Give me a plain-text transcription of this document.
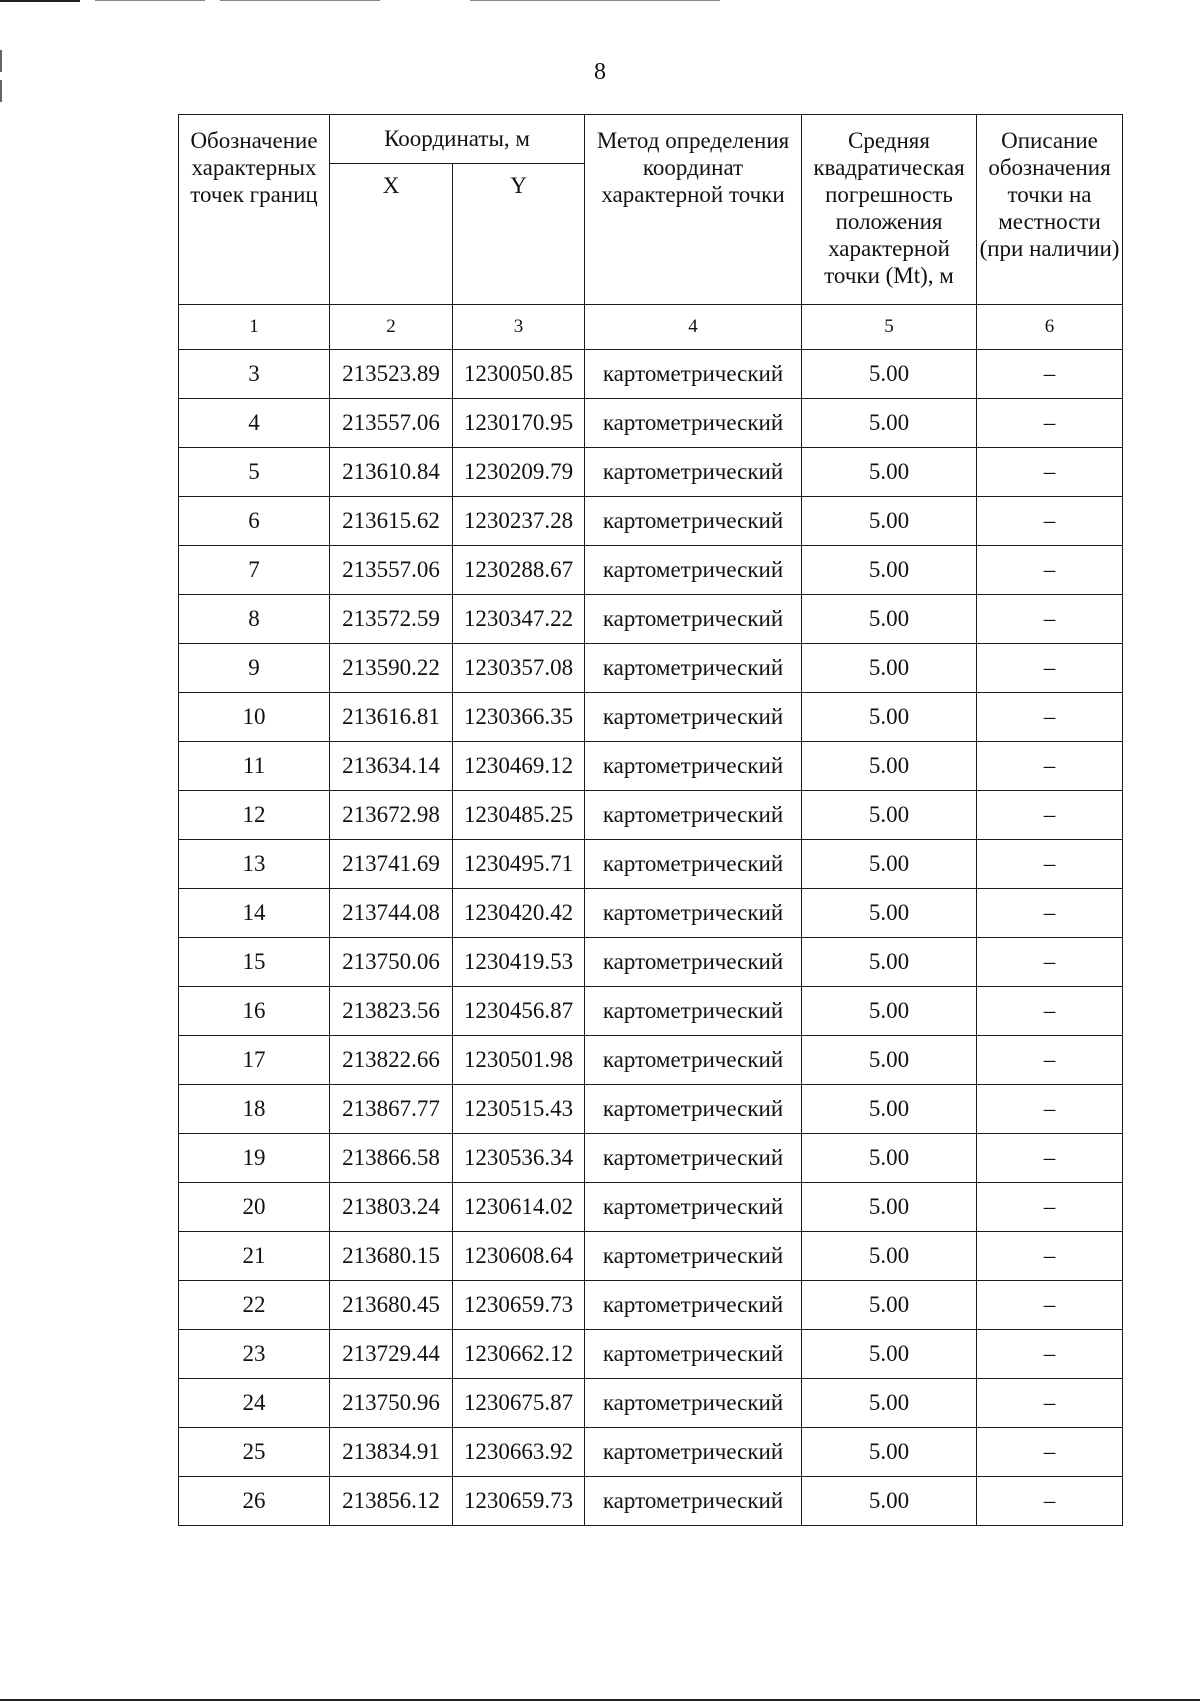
8
Обозначение характерных точек границ	Координаты, м		Метод определения координат характерной точки	Средняя квадратическая погрешность положения характерной точки (Mt), м	Описание обозначения точки на местности (при наличии)
	X	Y			
1	2	3	4	5	6
3	213523.89	1230050.85	картометрический	5.00	–
4	213557.06	1230170.95	картометрический	5.00	–
5	213610.84	1230209.79	картометрический	5.00	–
6	213615.62	1230237.28	картометрический	5.00	–
7	213557.06	1230288.67	картометрический	5.00	–
8	213572.59	1230347.22	картометрический	5.00	–
9	213590.22	1230357.08	картометрический	5.00	–
10	213616.81	1230366.35	картометрический	5.00	–
11	213634.14	1230469.12	картометрический	5.00	–
12	213672.98	1230485.25	картометрический	5.00	–
13	213741.69	1230495.71	картометрический	5.00	–
14	213744.08	1230420.42	картометрический	5.00	–
15	213750.06	1230419.53	картометрический	5.00	–
16	213823.56	1230456.87	картометрический	5.00	–
17	213822.66	1230501.98	картометрический	5.00	–
18	213867.77	1230515.43	картометрический	5.00	–
19	213866.58	1230536.34	картометрический	5.00	–
20	213803.24	1230614.02	картометрический	5.00	–
21	213680.15	1230608.64	картометрический	5.00	–
22	213680.45	1230659.73	картометрический	5.00	–
23	213729.44	1230662.12	картометрический	5.00	–
24	213750.96	1230675.87	картометрический	5.00	–
25	213834.91	1230663.92	картометрический	5.00	–
26	213856.12	1230659.73	картометрический	5.00	–
